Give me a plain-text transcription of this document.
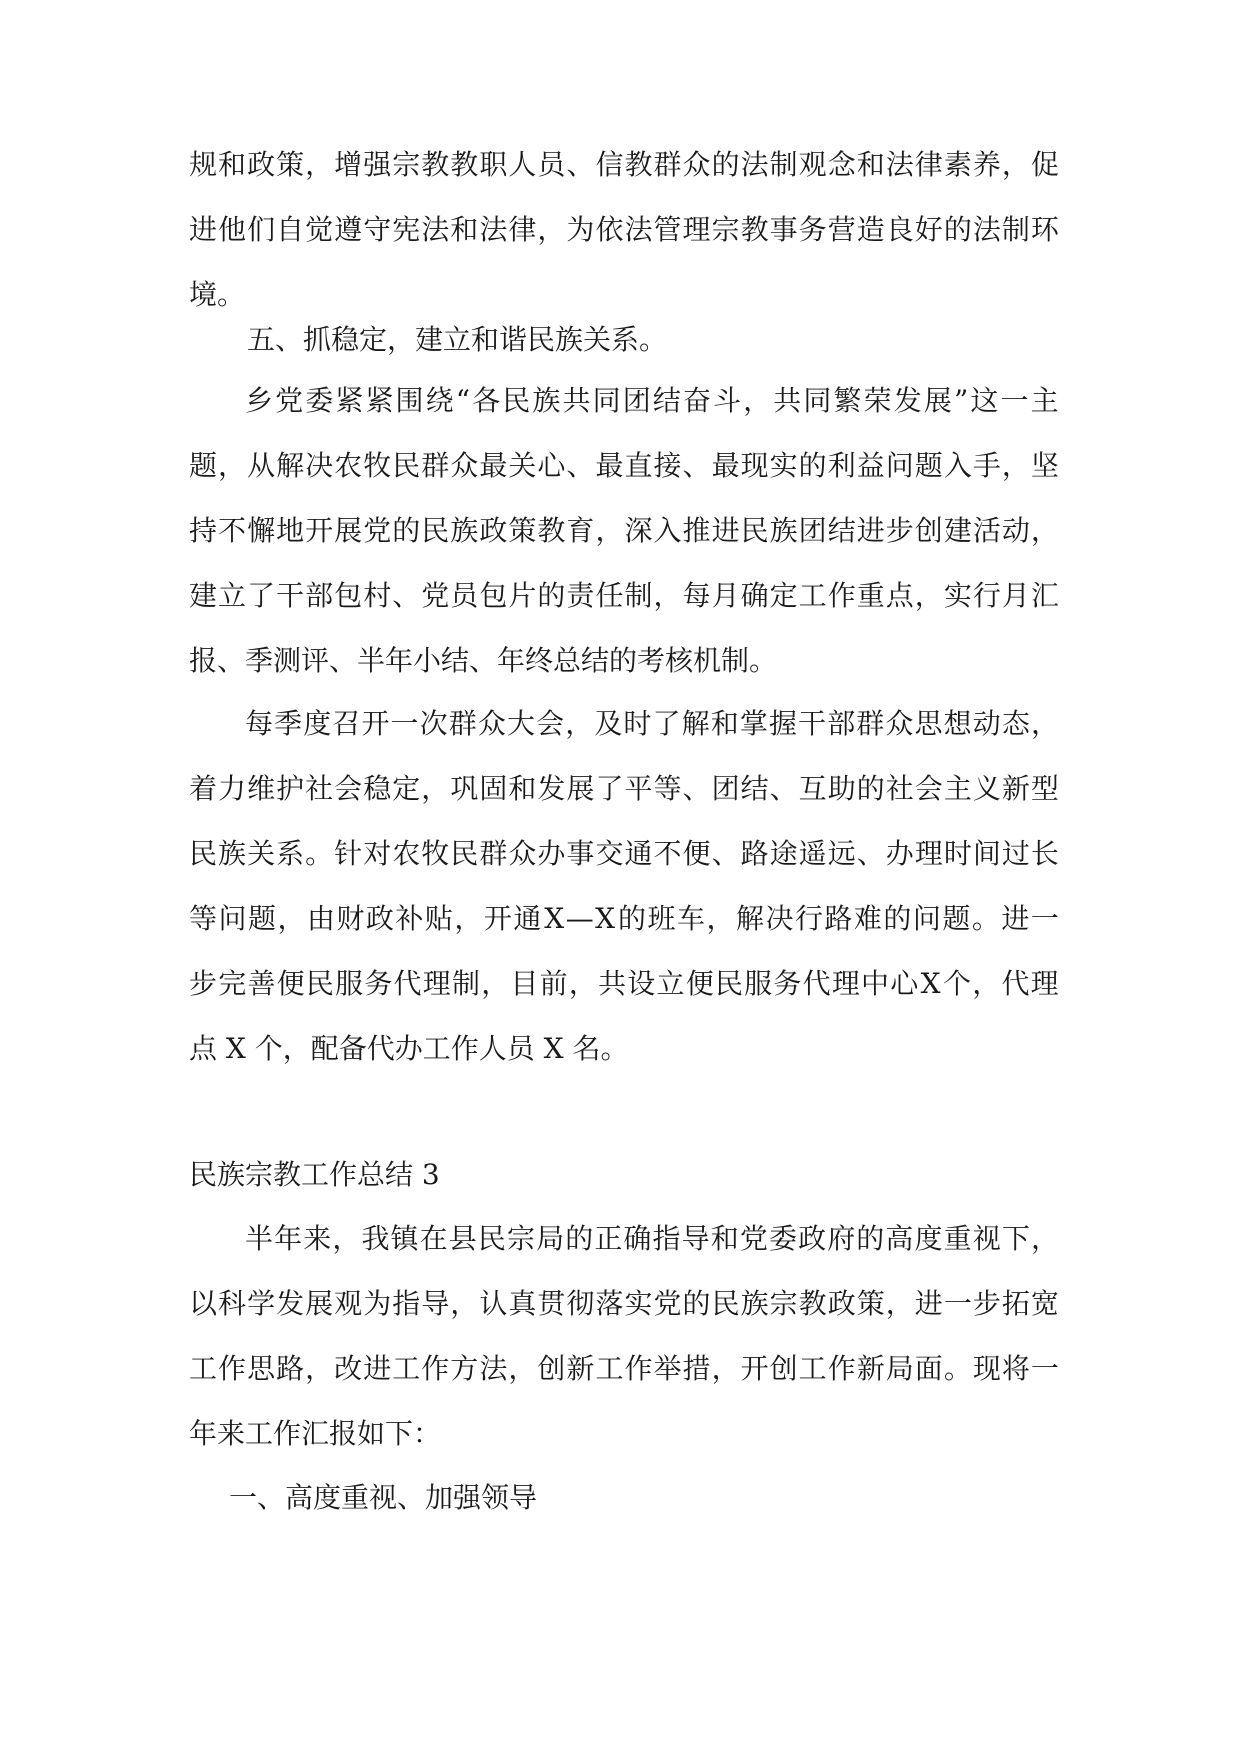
规 和 政 策 ， 增 强 宗 教 教 职 人 员 、 信 教 群 众 的 法 制 观 念 和 法 律 素 养 ， 促
进 他 们 自 觉 遵 守 宪 法 和 法 律 ， 为 依 法 管 理 宗 教 事 务 营 造 良 好 的 法 制 环
境。
五、抓稳定，建立和谐民族关系。
乡 党 委 紧 紧 围 绕 “ 各 民 族 共 同 团 结 奋 斗 ， 共 同 繁 荣 发 展 ” 这 一 主
题 ， 从 解 决 农 牧 民 群 众 最 关 心 、 最 直 接 、 最 现 实 的 利 益 问 题 入 手 ， 坚
持 不 懈 地 开 展 党 的 民 族 政 策 教 育 ， 深 入 推 进 民 族 团 结 进 步 创 建 活 动 ，
建 立 了 干 部 包 村 、 党 员 包 片 的 责 任 制 ， 每 月 确 定 工 作 重 点 ， 实 行 月 汇
报、季测评、半年小结、年终总结的考核机制。
每 季 度 召 开 一 次 群 众 大 会 ， 及 时 了 解 和 掌 握 干 部 群 众 思 想 动 态 ，
着 力 维 护 社 会 稳 定 ， 巩 固 和 发 展 了 平 等 、 团 结 、 互 助 的 社 会 主 义 新 型
民 族 关 系 。 针 对 农 牧 民 群 众 办 事 交 通 不 便 、 路 途 遥 远 、 办 理 时 间 过 长
等 问 题 ， 由 财 政 补 贴 ， 开 通 X — X 的 班 车 ， 解 决 行 路 难 的 问 题 。 进 一
步 完 善 便 民 服 务 代 理 制 ， 目 前 ， 共 设 立 便 民 服 务 代 理 中 心 X 个 ， 代 理
点 X 个，配备代办工作人员 X 名。
民族宗教工作总结 3
半 年 来 ， 我 镇 在 县 民 宗 局 的 正 确 指 导 和 党 委 政 府 的 高 度 重 视 下 ，
以 科 学 发 展 观 为 指 导 ， 认 真 贯 彻 落 实 党 的 民 族 宗 教 政 策 ， 进 一 步 拓 宽
工 作 思 路 ， 改 进 工 作 方 法 ， 创 新 工 作 举 措 ， 开 创 工 作 新 局 面 。 现 将 一
年来工作汇报如下：
一、高度重视、加强领导
